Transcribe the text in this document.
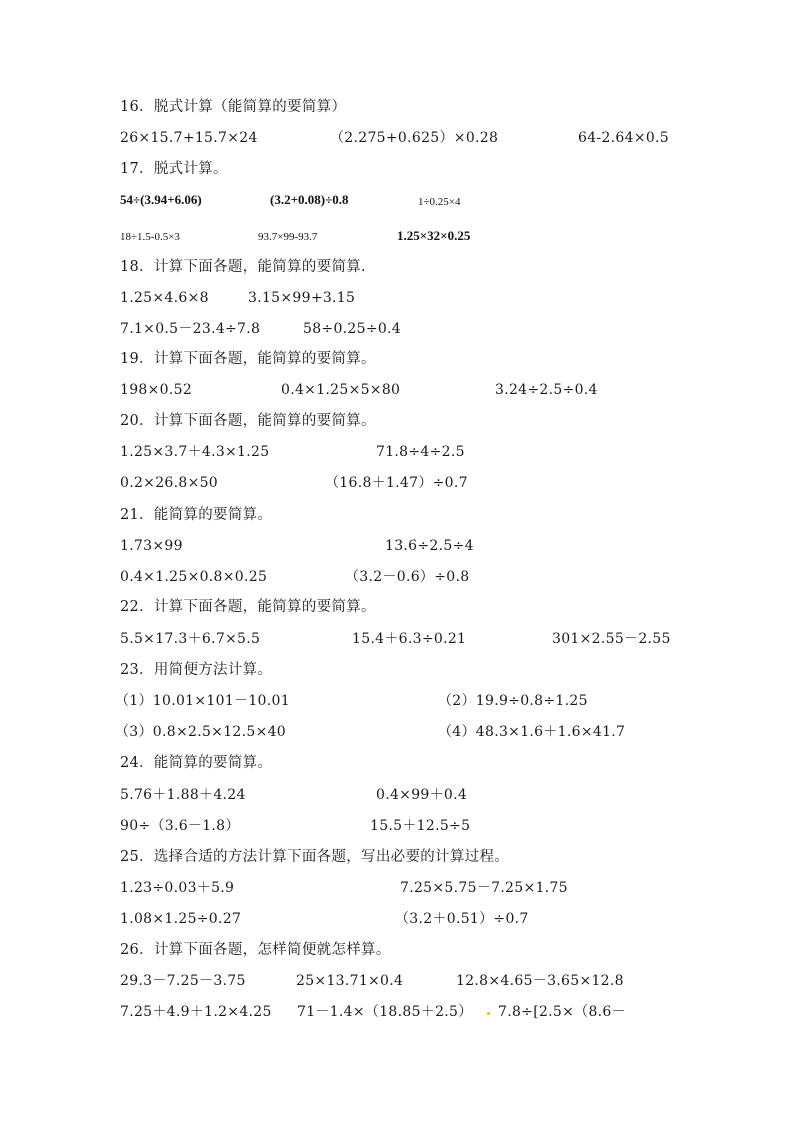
16．脱式计算（能简算的要简算）
26×15.7+15.7×24	（2.275+0.625）×0.28	64-2.64×0.5
17．脱式计算。
54÷(3.94+6.06)	(3.2+0.08)÷0.8	1÷0.25×4
18÷1.5-0.5×3	93.7×99-93.7	1.25×32×0.25
18．计算下面各题，能简算的要简算.
1.25×4.6×8	3.15×99+3.15
7.1×0.5－23.4÷7.8	58÷0.25÷0.4
19．计算下面各题，能简算的要简算。
198×0.52	0.4×1.25×5×80	3.24÷2.5÷0.4
20．计算下面各题，能简算的要简算。
1.25×3.7＋4.3×1.25	71.8÷4÷2.5
0.2×26.8×50	（16.8＋1.47）÷0.7
21．能简算的要简算。
1.73×99	13.6÷2.5÷4
0.4×1.25×0.8×0.25	（3.2－0.6）÷0.8
22．计算下面各题，能简算的要简算。
5.5×17.3＋6.7×5.5	15.4＋6.3÷0.21	301×2.55－2.55
23．用简便方法计算。
（1）10.01×101－10.01	（2）19.9÷0.8÷1.25
（3）0.8×2.5×12.5×40	（4）48.3×1.6＋1.6×41.7
24．能简算的要简算。
5.76＋1.88＋4.24	0.4×99＋0.4
90÷（3.6－1.8）	15.5＋12.5÷5
25．选择合适的方法计算下面各题，写出必要的计算过程。
1.23÷0.03＋5.9	7.25×5.75－7.25×1.75
1.08×1.25÷0.27	（3.2＋0.51）÷0.7
26．计算下面各题，怎样简便就怎样算。
29.3－7.25－3.75	25×13.71×0.4	12.8×4.65－3.65×12.8
7.25＋4.9＋1.2×4.25 71－1.4×（18.85＋2.5） 7.8÷[2.5×（8.6－
